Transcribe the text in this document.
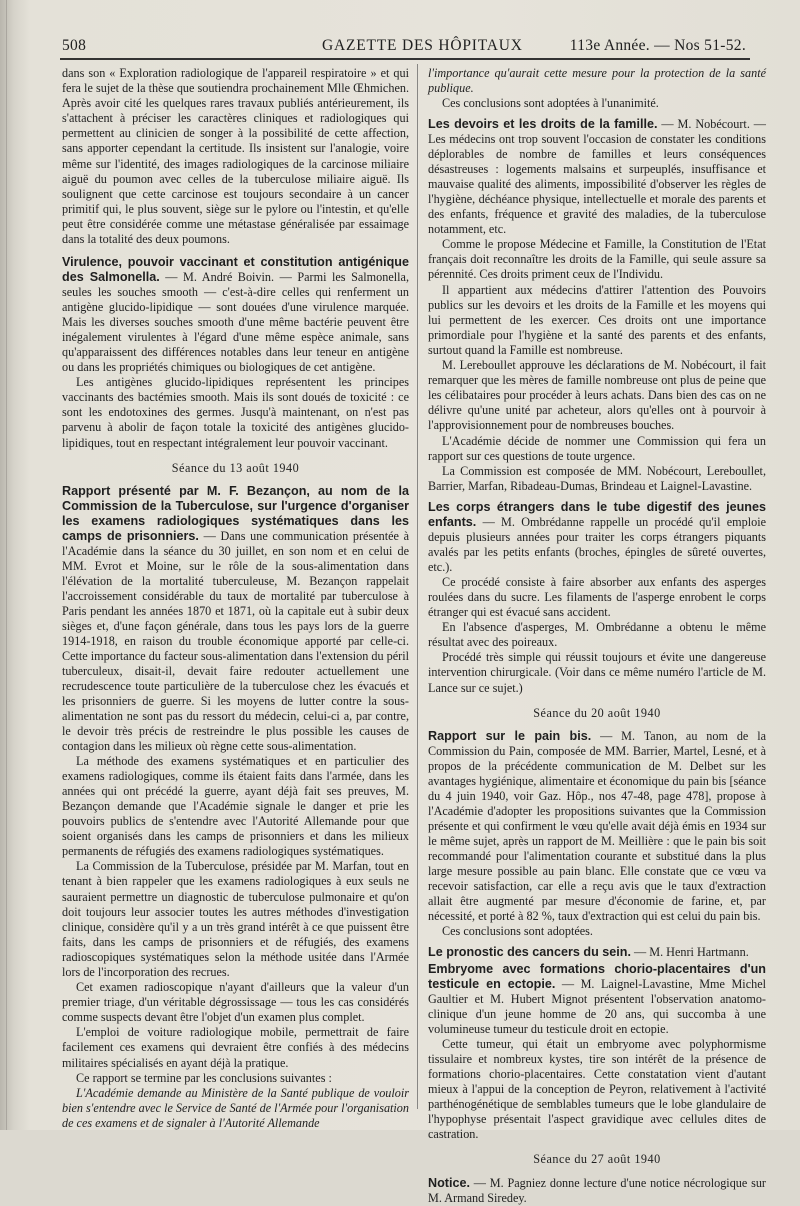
508	GAZETTE DES HÔPITAUX	113e Année. — Nos 51-52.

dans son « Exploration radiologique de l'appareil respiratoire » et qui fera le sujet de la thèse que soutiendra prochainement Mlle Œhmichen. Après avoir cité les quelques rares travaux publiés antérieurement, ils s'attachent à préciser les caractères cliniques et radiologiques qui permettent au clinicien de songer à la possibilité de cette affection, sans apporter cependant la certitude. Ils insistent sur l'analogie, voire même sur l'identité, des images radiologiques de la carcinose miliaire aiguë du poumon avec celles de la tuberculose miliaire aiguë. Ils soulignent que cette carcinose est toujours secondaire à un cancer primitif qui, le plus souvent, siège sur le pylore ou l'intestin, et qu'elle peut être considérée comme une métastase généralisée par essaimage dans la totalité des deux poumons.

Virulence, pouvoir vaccinant et constitution antigénique des Salmonella. — M. André Boivin. — Parmi les Salmonella, seules les souches smooth — c'est-à-dire celles qui renferment un antigène glucido-lipidique — sont douées d'une virulence marquée. Mais les diverses souches smooth d'une même bactérie peuvent être inégalement virulentes à l'égard d'une même espèce animale, sans qu'apparaissent des différences notables dans leur teneur en antigène ou dans les propriétés chimiques ou biologiques de cet antigène.

Les antigènes glucido-lipidiques représentent les principes vaccinants des bactémies smooth. Mais ils sont doués de toxicité : ce sont les endotoxines des germes. Jusqu'à maintenant, on n'est pas parvenu à abolir de façon totale la toxicité des antigènes glucido-lipidiques, tout en respectant intégralement leur pouvoir vaccinant.

Séance du 13 août 1940
Rapport présenté par M. F. Bezançon, au nom de la Commission de la Tuberculose, sur l'urgence d'organiser les examens radiologiques systématiques dans les camps de prisonniers. — Dans une communication présentée à l'Académie dans la séance du 30 juillet, en son nom et en celui de MM. Evrot et Moine, sur le rôle de la sous-alimentation dans l'élévation de la mortalité tuberculeuse, M. Bezançon rappelait l'accroissement considérable du taux de mortalité par tuberculose à Paris pendant les années 1870 et 1871, où la capitale eut à subir deux sièges et, d'une façon générale, dans tous les pays lors de la guerre 1914-1918, en raison du trouble économique apporté par celle-ci. Cette importance du facteur sous-alimentation dans l'extension du péril tuberculeux, disait-il, devait faire redouter actuellement une recrudescence toute particulière de la tuberculose chez les évacués et les prisonniers de guerre. Si les moyens de lutter contre la sous-alimentation ne sont pas du ressort du médecin, celui-ci a, par contre, le devoir très précis de restreindre le plus possible les causes de contagion dans les milieux où règne cette sous-alimentation.

La méthode des examens systématiques et en particulier des examens radiologiques, comme ils étaient faits dans l'armée, dans les années qui ont précédé la guerre, ayant déjà fait ses preuves, M. Bezançon demande que l'Académie signale le danger et prie les pouvoirs publics de s'entendre avec l'Autorité Allemande pour que soient organisés dans les camps de prisonniers et dans les milieux permanents de réfugiés des examens radiologiques systématiques.

La Commission de la Tuberculose, présidée par M. Marfan, tout en tenant à bien rappeler que les examens radiologiques à eux seuls ne sauraient permettre un diagnostic de tuberculose pulmonaire et qu'on doit toujours leur associer toutes les autres méthodes d'investigation clinique, considère qu'il y a un très grand intérêt à ce que puissent être faits, dans les camps de prisonniers et de réfugiés, des examens radioscopiques systématiques selon la méthode usitée dans l'Armée lors de l'incorporation des recrues.

Cet examen radioscopique n'ayant d'ailleurs que la valeur d'un premier triage, d'un véritable dégrossissage — tous les cas considérés comme suspects devant être l'objet d'un examen plus complet.

L'emploi de voiture radiologique mobile, permettrait de faire facilement ces examens qui devraient être confiés à des médecins militaires spécialisés en ayant déjà la pratique.

Ce rapport se termine par les conclusions suivantes :

L'Académie demande au Ministère de la Santé publique de vouloir bien s'entendre avec le Service de Santé de l'Armée pour l'organisation de ces examens et de signaler à l'Autorité Allemande

l'importance qu'aurait cette mesure pour la protection de la santé publique.

Ces conclusions sont adoptées à l'unanimité.

Les devoirs et les droits de la famille. — M. Nobécourt. — Les médecins ont trop souvent l'occasion de constater les conditions déplorables de nombre de familles et leurs conséquences désastreuses : logements malsains et surpeuplés, insuffisance et mauvaise qualité des aliments, impossibilité d'observer les règles de l'hygiène, déchéance physique, intellectuelle et morale des parents et des enfants, fréquence et gravité des maladies, de la tuberculose notamment, etc.

Comme le propose Médecine et Famille, la Constitution de l'Etat français doit reconnaître les droits de la Famille, qui seule assure sa pérennité. Ces droits priment ceux de l'Individu.

Il appartient aux médecins d'attirer l'attention des Pouvoirs publics sur les devoirs et les droits de la Famille et les moyens qui lui permettent de les exercer. Ces droits ont une importance primordiale pour l'hygiène et la santé des parents et des enfants, surtout quand la Famille est nombreuse.

M. Lereboullet approuve les déclarations de M. Nobécourt, il fait remarquer que les mères de famille nombreuse ont plus de peine que les célibataires pour procéder à leurs achats. Dans bien des cas on ne délivre qu'une unité par acheteur, alors qu'elles ont à pourvoir à l'approvisionnement pour de nombreuses bouches.

L'Académie décide de nommer une Commission qui fera un rapport sur ces questions de toute urgence.

La Commission est composée de MM. Nobécourt, Lereboullet, Barrier, Marfan, Ribadeau-Dumas, Brindeau et Laignel-Lavastine.

Les corps étrangers dans le tube digestif des jeunes enfants. — M. Ombrédanne rappelle un procédé qu'il emploie depuis plusieurs années pour traiter les corps étrangers piquants avalés par les petits enfants (broches, épingles de sûreté ouvertes, etc.).

Ce procédé consiste à faire absorber aux enfants des asperges roulées dans du sucre. Les filaments de l'asperge enrobent le corps étranger qui est évacué sans accident.

En l'absence d'asperges, M. Ombrédanne a obtenu le même résultat avec des poireaux.

Procédé très simple qui réussit toujours et évite une dangereuse intervention chirurgicale. (Voir dans ce même numéro l'article de M. Lance sur ce sujet.)

Séance du 20 août 1940
Rapport sur le pain bis. — M. Tanon, au nom de la Commission du Pain, composée de MM. Barrier, Martel, Lesné, et à propos de la précédente communication de M. Delbet sur les avantages hygiénique, alimentaire et économique du pain bis [séance du 4 juin 1940, voir Gaz. Hôp., nos 47-48, page 478], propose à l'Académie d'adopter les propositions suivantes que la Commission présente et qui confirment le vœu qu'elle avait déjà émis en 1934 sur le même sujet, après un rapport de M. Meillière : que le pain bis soit recommandé pour l'alimentation courante et substitué dans la plus large mesure possible au pain blanc. Elle constate que ce vœu va recevoir satisfaction, car elle a reçu avis que le taux d'extraction allait être augmenté par mesure d'économie de farine, et, par nécessité, et porté à 82 %, taux d'extraction qui est celui du pain bis.

Ces conclusions sont adoptées.

Le pronostic des cancers du sein. — M. Henri Hartmann.
Embryome avec formations chorio-placentaires d'un testicule en ectopie. — M. Laignel-Lavastine, Mme Michel Gaultier et M. Hubert Mignot présentent l'observation anatomo-clinique d'un jeune homme de 20 ans, qui succomba à une volumineuse tumeur du testicule droit en ectopie.

Cette tumeur, qui était un embryome avec polyphormisme tissulaire et nombreux kystes, tire son intérêt de la présence de formations chorio-placentaires. Cette constatation vient d'autant mieux à l'appui de la conception de Peyron, relativement à l'activité parthénogénétique de semblables tumeurs que le lobe glandulaire de l'hypophyse présentait l'aspect gravidique avec cellules dites de castration.

Séance du 27 août 1940
Notice. — M. Pagniez donne lecture d'une notice nécrologique sur M. Armand Siredey.
